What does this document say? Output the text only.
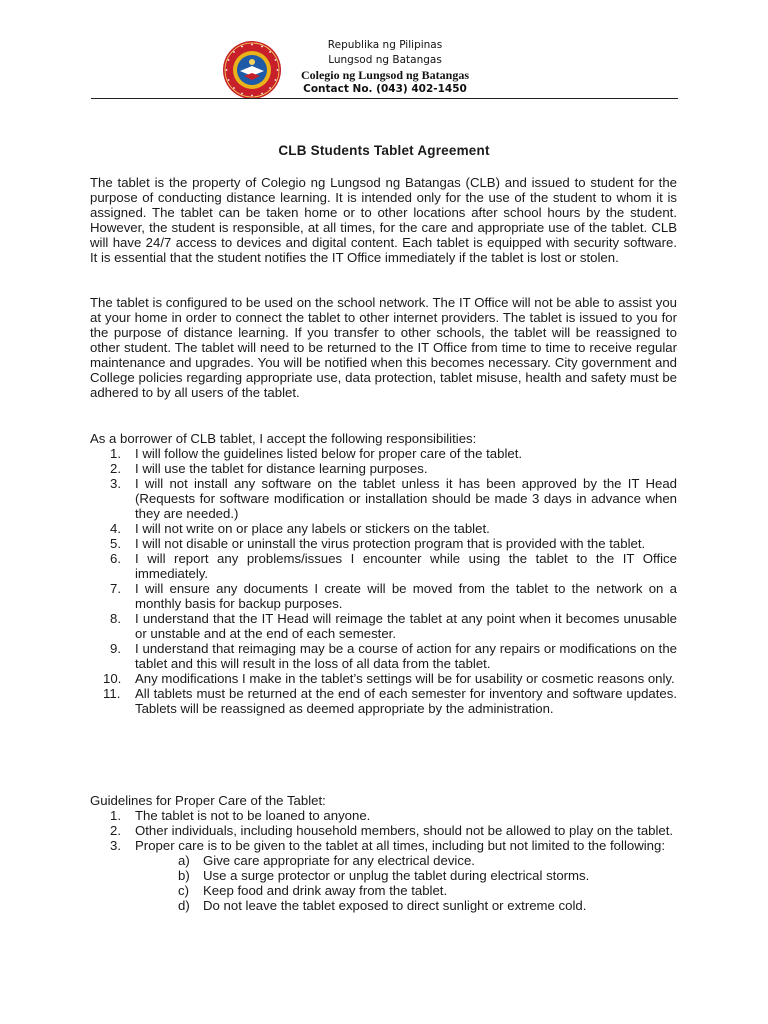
Republika ng Pilipinas
Lungsod ng Batangas
Colegio ng Lungsod ng Batangas
Contact No. (043) 402-1450
CLB Students Tablet Agreement

The tablet is the property of Colegio ng Lungsod ng Batangas (CLB) and issued to student for the purpose of conducting distance learning. It is intended only for the use of the student to whom it is assigned. The tablet can be taken home or to other locations after school hours by the student. However, the student is responsible, at all times, for the care and appropriate use of the tablet. CLB will have 24/7 access to devices and digital content. Each tablet is equipped with security software. It is essential that the student notifies the IT Office immediately if the tablet is lost or stolen.

The tablet is configured to be used on the school network. The IT Office will not be able to assist you at your home in order to connect the tablet to other internet providers. The tablet is issued to you for the purpose of distance learning. If you transfer to other schools, the tablet will be reassigned to other student. The tablet will need to be returned to the IT Office from time to time to receive regular maintenance and upgrades. You will be notified when this becomes necessary. City government and College policies regarding appropriate use, data protection, tablet misuse, health and safety must be adhered to by all users of the tablet.

As a borrower of CLB tablet, I accept the following responsibilities:

1. I will follow the guidelines listed below for proper care of the tablet.
2. I will use the tablet for distance learning purposes.
3. I will not install any software on the tablet unless it has been approved by the IT Head (Requests for software modification or installation should be made 3 days in advance when they are needed.)
4. I will not write on or place any labels or stickers on the tablet.
5. I will not disable or uninstall the virus protection program that is provided with the tablet.
6. I will report any problems/issues I encounter while using the tablet to the IT Office immediately.
7. I will ensure any documents I create will be moved from the tablet to the network on a monthly basis for backup purposes.
8. I understand that the IT Head will reimage the tablet at any point when it becomes unusable or unstable and at the end of each semester.
9. I understand that reimaging may be a course of action for any repairs or modifications on the tablet and this will result in the loss of all data from the tablet.
10. Any modifications I make in the tablet’s settings will be for usability or cosmetic reasons only.
11. All tablets must be returned at the end of each semester for inventory and software updates. Tablets will be reassigned as deemed appropriate by the administration.

Guidelines for Proper Care of the Tablet:

1. The tablet is not to be loaned to anyone.
2. Other individuals, including household members, should not be allowed to play on the tablet.
3. Proper care is to be given to the tablet at all times, including but not limited to the following:
a) Give care appropriate for any electrical device.
b) Use a surge protector or unplug the tablet during electrical storms.
c) Keep food and drink away from the tablet.
d) Do not leave the tablet exposed to direct sunlight or extreme cold.
